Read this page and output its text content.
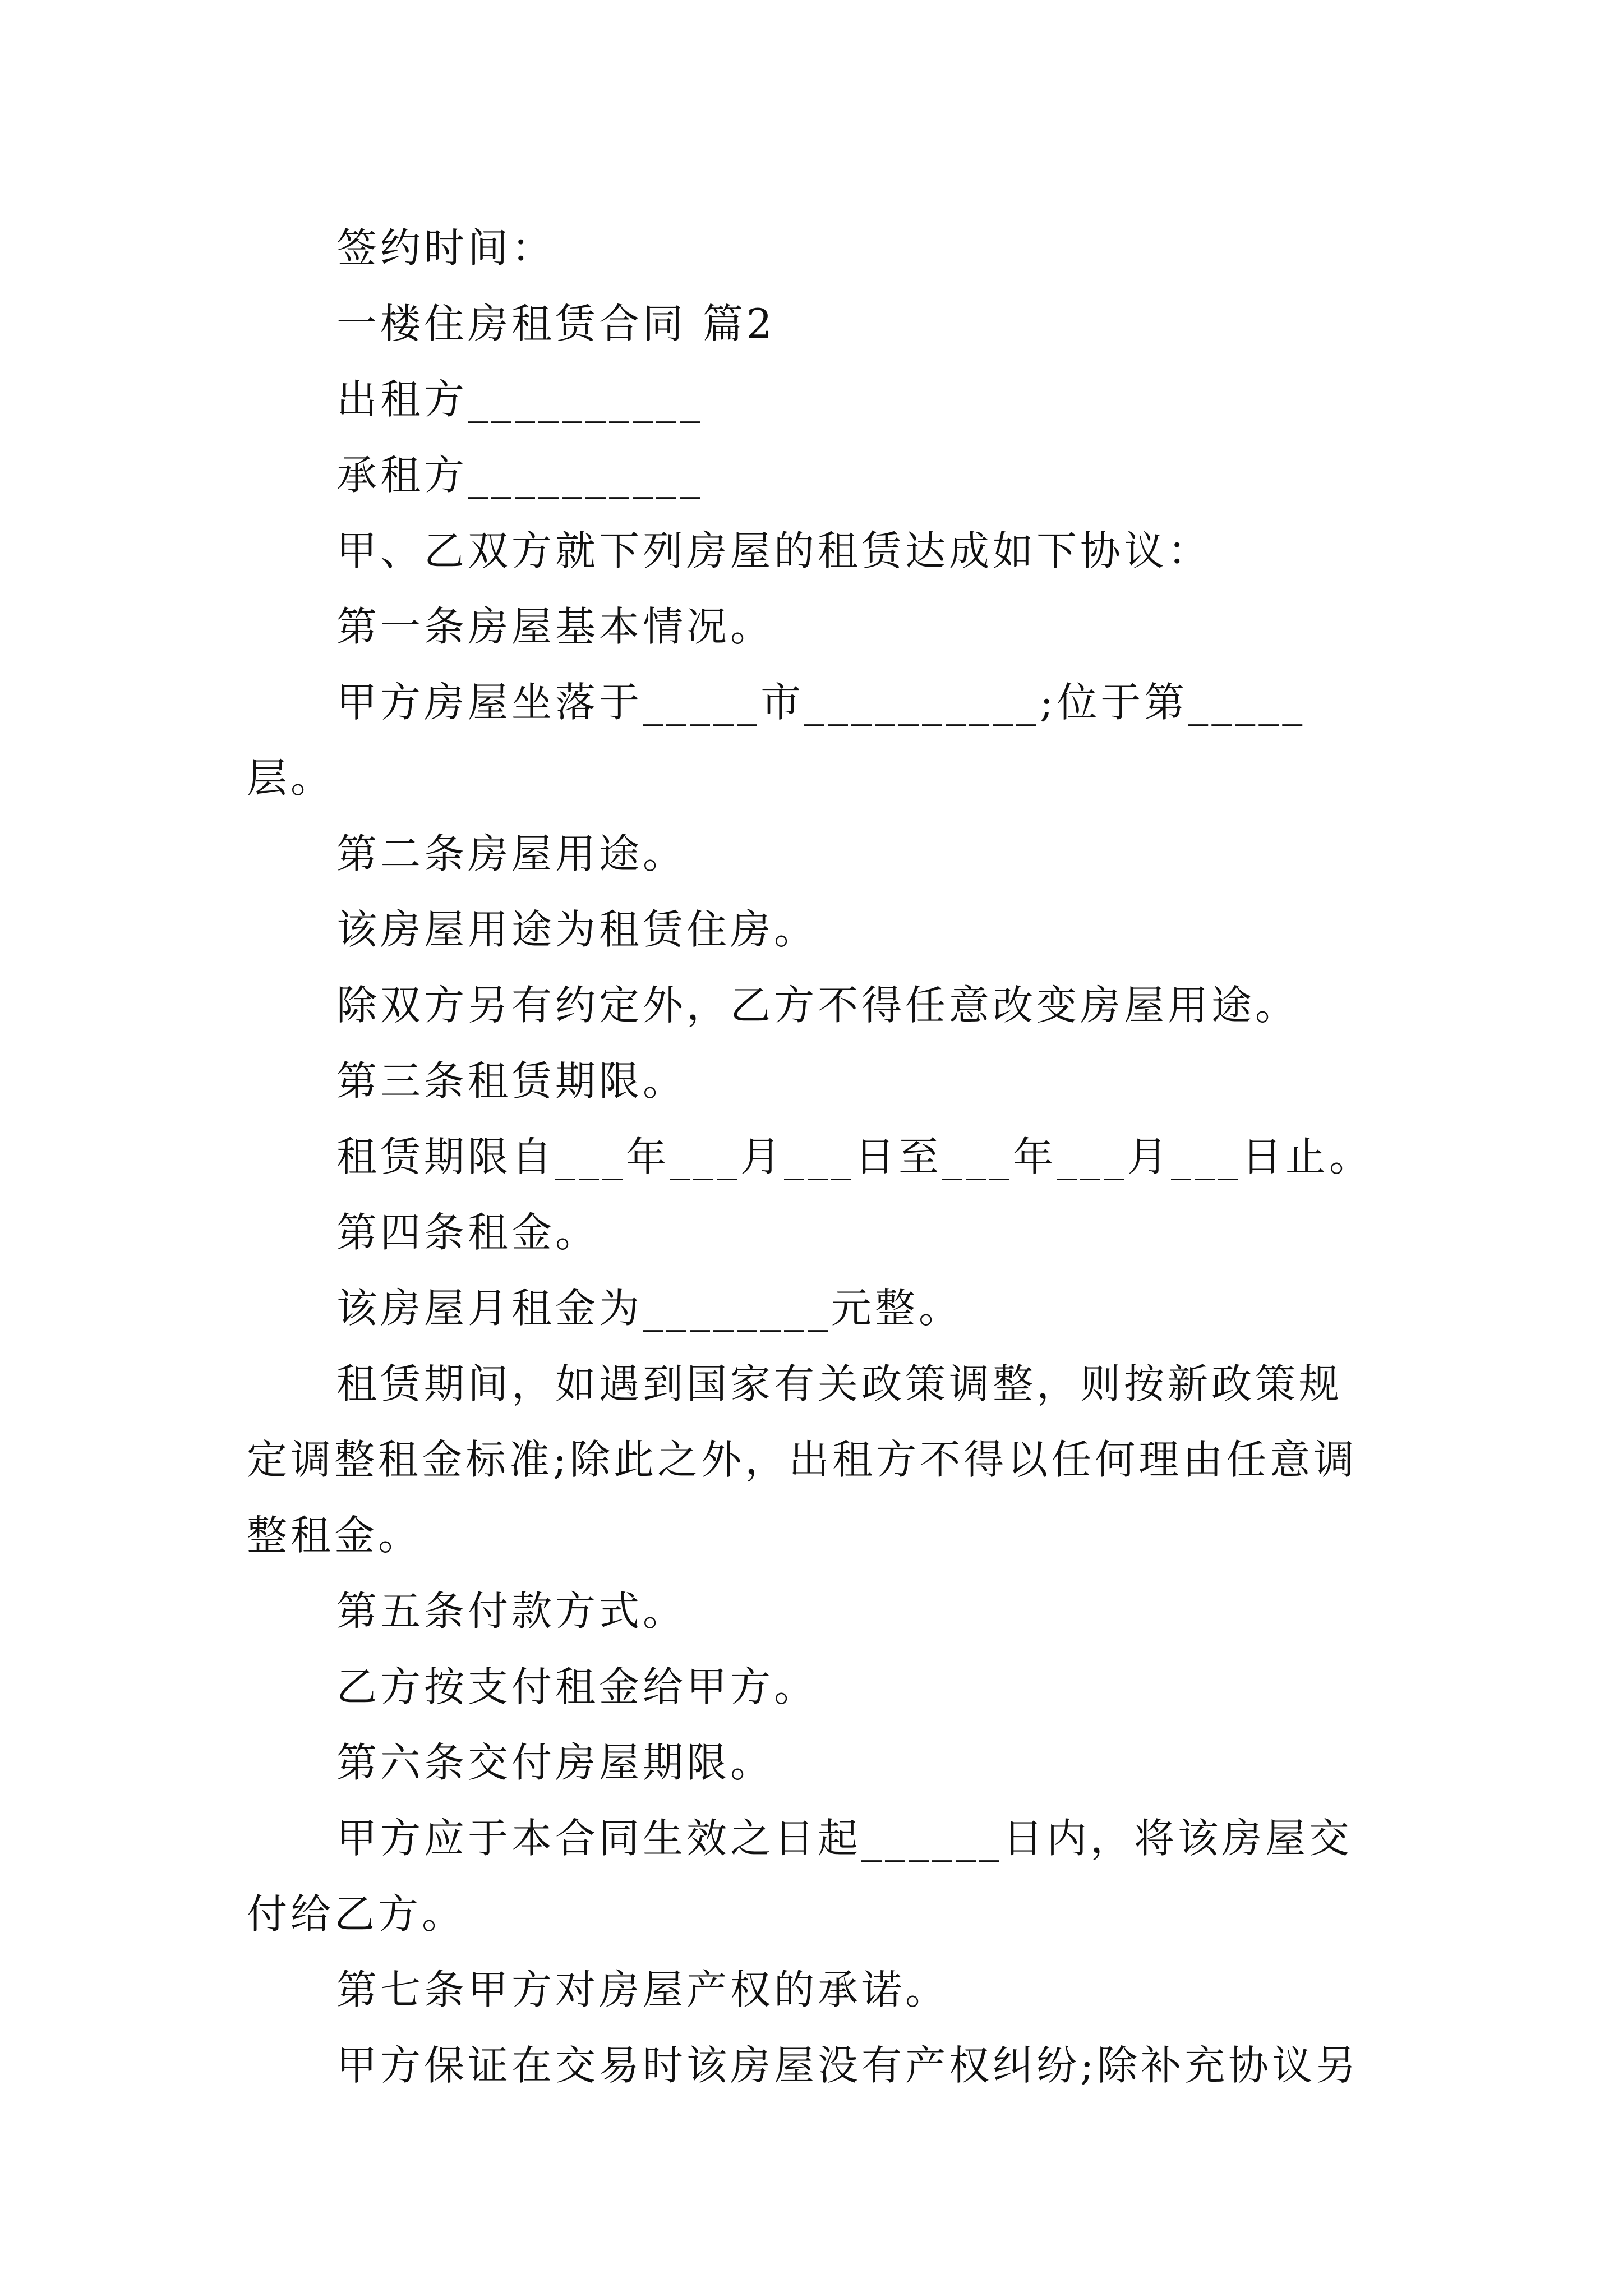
签约时间：

一楼住房租赁合同 篇2

出租方__________

承租方__________

甲、乙双方就下列房屋的租赁达成如下协议：

第一条房屋基本情况。

甲方房屋坐落于_____市__________;位于第_____层。

第二条房屋用途。

该房屋用途为租赁住房。

除双方另有约定外，乙方不得任意改变房屋用途。

第三条租赁期限。

租赁期限自___年___月___日至___年___月___日止。

第四条租金。

该房屋月租金为________元整。

租赁期间，如遇到国家有关政策调整，则按新政策规定调整租金标准;除此之外，出租方不得以任何理由任意调整租金。

第五条付款方式。

乙方按支付租金给甲方。

第六条交付房屋期限。

甲方应于本合同生效之日起______日内，将该房屋交付给乙方。

第七条甲方对房屋产权的承诺。

甲方保证在交易时该房屋没有产权纠纷;除补充协议另
